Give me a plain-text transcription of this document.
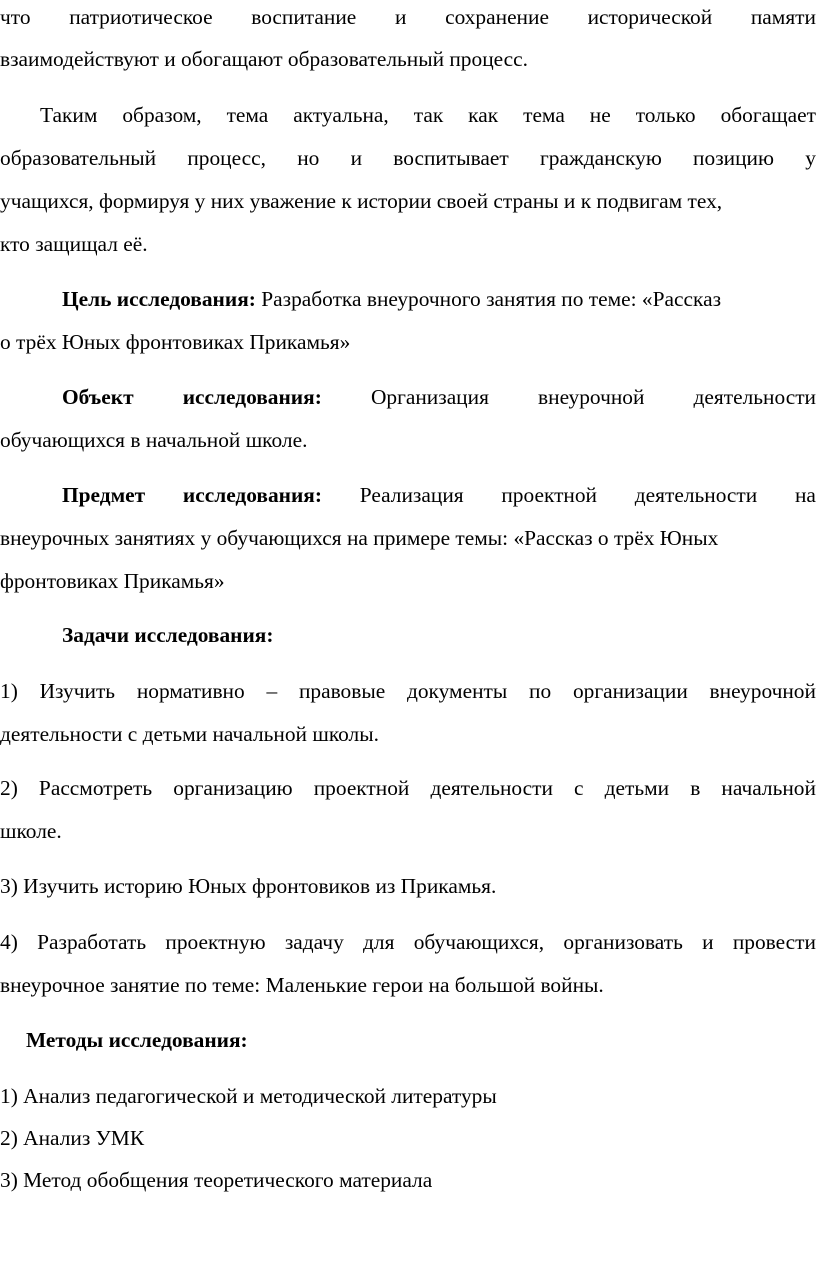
что патриотическое воспитание и сохранение исторической памяти
взаимодействуют и обогащают образовательный процесс.
Таким образом, тема актуальна, так как тема не только обогащает
образовательный процесс, но и воспитывает гражданскую позицию у
учащихся, формируя у них уважение к истории своей страны и к подвигам тех,
кто защищал её.
Цель исследования: Разработка внеурочного занятия по теме: «Рассказ
о трёх Юных фронтовиках Прикамья»
Объект исследования: Организация внеурочной деятельности
обучающихся в начальной школе.
Предмет исследования: Реализация проектной деятельности на
внеурочных занятиях у обучающихся на примере темы: «Рассказ о трёх Юных
фронтовиках Прикамья»
Задачи исследования:
1) Изучить нормативно – правовые документы по организации внеурочной
деятельности с детьми начальной школы.
2) Рассмотреть организацию проектной деятельности с детьми в начальной
школе.
3) Изучить историю Юных фронтовиков из Прикамья.
4) Разработать проектную задачу для обучающихся, организовать и провести
внеурочное занятие по теме: Маленькие герои на большой войны.
Методы исследования:
1) Анализ педагогической и методической литературы
2) Анализ УМК
3) Метод обобщения теоретического материала
